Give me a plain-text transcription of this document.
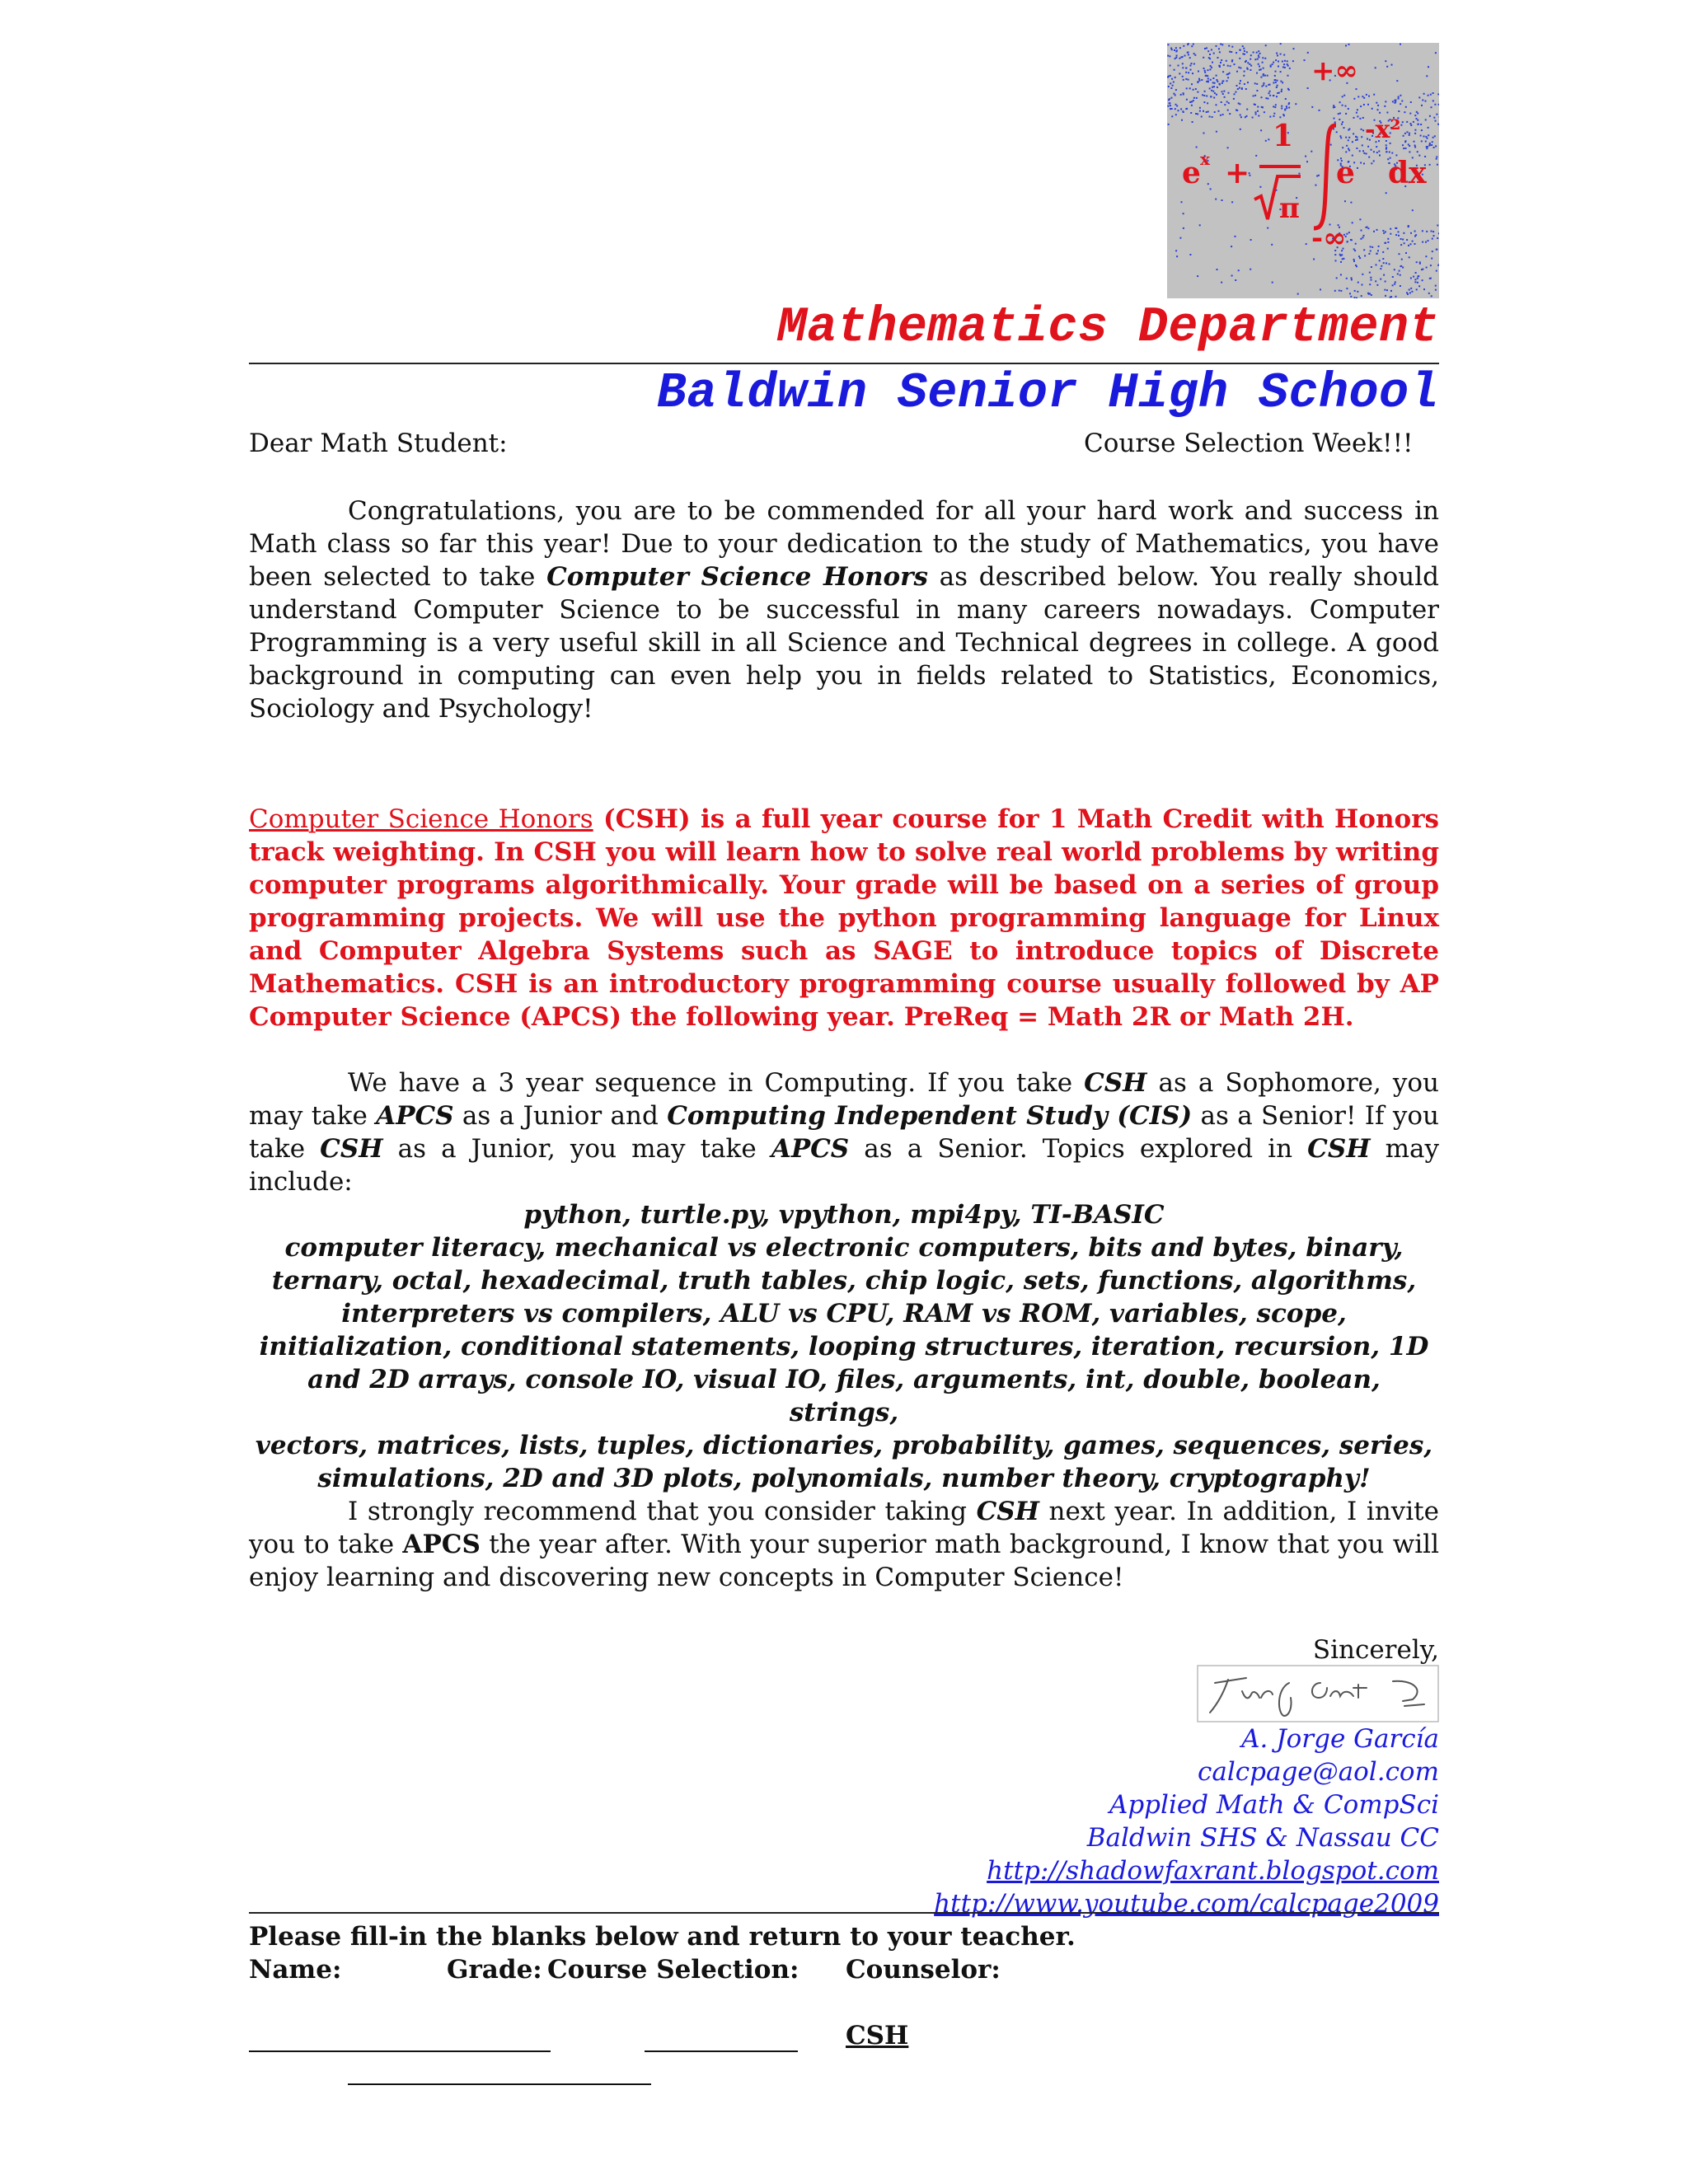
+∞
e x +
1
π
e
-x²
dx
-∞
Mathematics Department
Baldwin Senior High School
Dear Math Student:	Course Selection Week!!!
Congratulations, you are to be commended for all your hard work and success in Math class so far this year! Due to your dedication to the study of Mathematics, you have been selected to take Computer Science Honors as described below. You really should understand Computer Science to be successful in many careers nowadays. Computer Programming is a very useful skill in all Science and Technical degrees in college. A good background in computing can even help you in fields related to Statistics, Economics, Sociology and Psychology!
Computer Science Honors (CSH) is a full year course for 1 Math Credit with Honors track weighting. In CSH you will learn how to solve real world problems by writing computer programs algorithmically. Your grade will be based on a series of group programming projects. We will use the python programming language for Linux and Computer Algebra Systems such as SAGE to introduce topics of Discrete Mathematics. CSH is an introductory programming course usually followed by AP Computer Science (APCS) the following year. PreReq = Math 2R or Math 2H.
We have a 3 year sequence in Computing. If you take CSH as a Sophomore, you may take APCS as a Junior and Computing Independent Study (CIS) as a Senior! If you take CSH as a Junior, you may take APCS as a Senior. Topics explored in CSH may include:
python, turtle.py, vpython, mpi4py, TI-BASIC
computer literacy, mechanical vs electronic computers, bits and bytes, binary,
ternary, octal, hexadecimal, truth tables, chip logic, sets, functions, algorithms,
interpreters vs compilers, ALU vs CPU, RAM vs ROM, variables, scope,
initialization, conditional statements, looping structures, iteration, recursion, 1D
and 2D arrays, console IO, visual IO, files, arguments, int, double, boolean, strings,
vectors, matrices, lists, tuples, dictionaries, probability, games, sequences, series,
simulations, 2D and 3D plots, polynomials, number theory, cryptography!
I strongly recommend that you consider taking CSH next year. In addition, I invite you to take APCS the year after. With your superior math background, I know that you will enjoy learning and discovering new concepts in Computer Science!
Sincerely,
A. Jorge García
calcpage@aol.com
Applied Math & CompSci
Baldwin SHS & Nassau CC
http://shadowfaxrant.blogspot.com
http://www.youtube.com/calcpage2009
Please fill-in the blanks below and return to your teacher.
Name:	Grade: Course Selection: Counselor:
CSH
